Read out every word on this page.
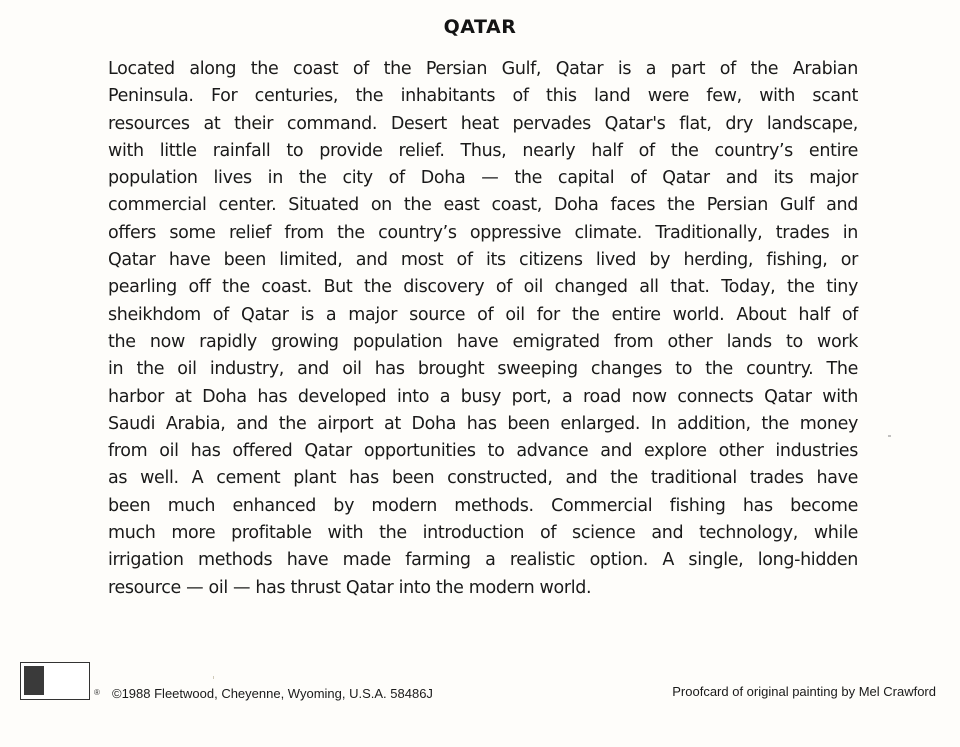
QATAR
Located along the coast of the Persian Gulf, Qatar is a part of the Arabian
Peninsula. For centuries, the inhabitants of this land were few, with scant
resources at their command. Desert heat pervades Qatar's flat, dry landscape,
with little rainfall to provide relief. Thus, nearly half of the country’s entire
population lives in the city of Doha — the capital of Qatar and its major
commercial center. Situated on the east coast, Doha faces the Persian Gulf and
offers some relief from the country’s oppressive climate. Traditionally, trades in
Qatar have been limited, and most of its citizens lived by herding, fishing, or
pearling off the coast. But the discovery of oil changed all that. Today, the tiny
sheikhdom of Qatar is a major source of oil for the entire world. About half of
the now rapidly growing population have emigrated from other lands to work
in the oil industry, and oil has brought sweeping changes to the country. The
harbor at Doha has developed into a busy port, a road now connects Qatar with
Saudi Arabia, and the airport at Doha has been enlarged. In addition, the money
from oil has offered Qatar opportunities to advance and explore other industries
as well. A cement plant has been constructed, and the traditional trades have
been much enhanced by modern methods. Commercial fishing has become
much more profitable with the introduction of science and technology, while
irrigation methods have made farming a realistic option. A single, long-hidden
resource — oil — has thrust Qatar into the modern world.
® ©1988 Fleetwood, Cheyenne, Wyoming, U.S.A. 58486J	Proofcard of original painting by Mel Crawford
